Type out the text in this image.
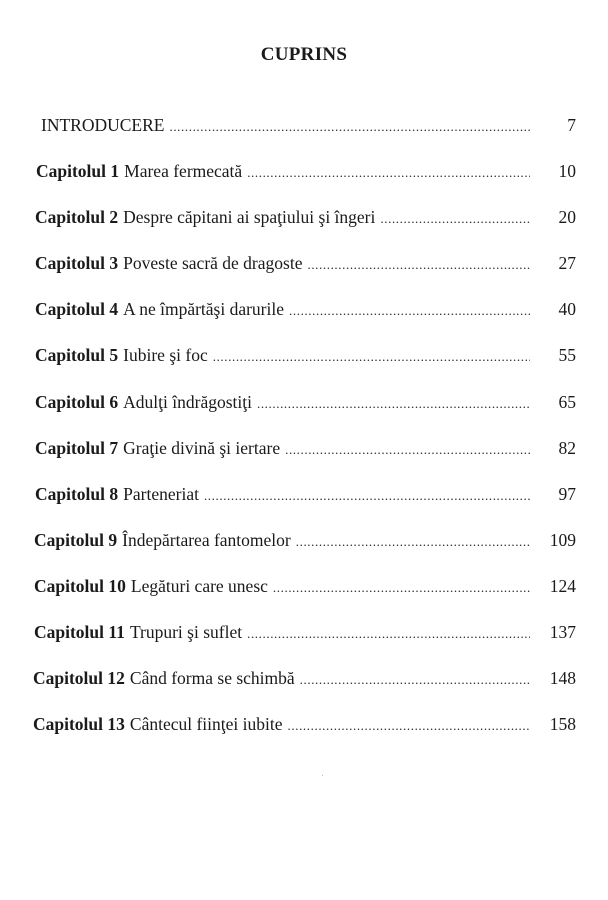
CUPRINS
INTRODUCERE .....	7
Capitolul 1 Marea fermecată .....	10
Capitolul 2 Despre căpitani ai spaţiului şi îngeri .....	20
Capitolul 3 Poveste sacră de dragoste .....	27
Capitolul 4 A ne împărtăşi darurile .....	40
Capitolul 5 Iubire şi foc .....	55
Capitolul 6 Adulţi îndrăgostiţi .....	65
Capitolul 7 Graţie divină şi iertare .....	82
Capitolul 8 Parteneriat .....	97
Capitolul 9 Îndepărtarea fantomelor .....	109
Capitolul 10 Legături care unesc .....	124
Capitolul 11 Trupuri şi suflet .....	137
Capitolul 12 Când forma se schimbă .....	148
Capitolul 13 Cântecul fiinţei iubite .....	158
